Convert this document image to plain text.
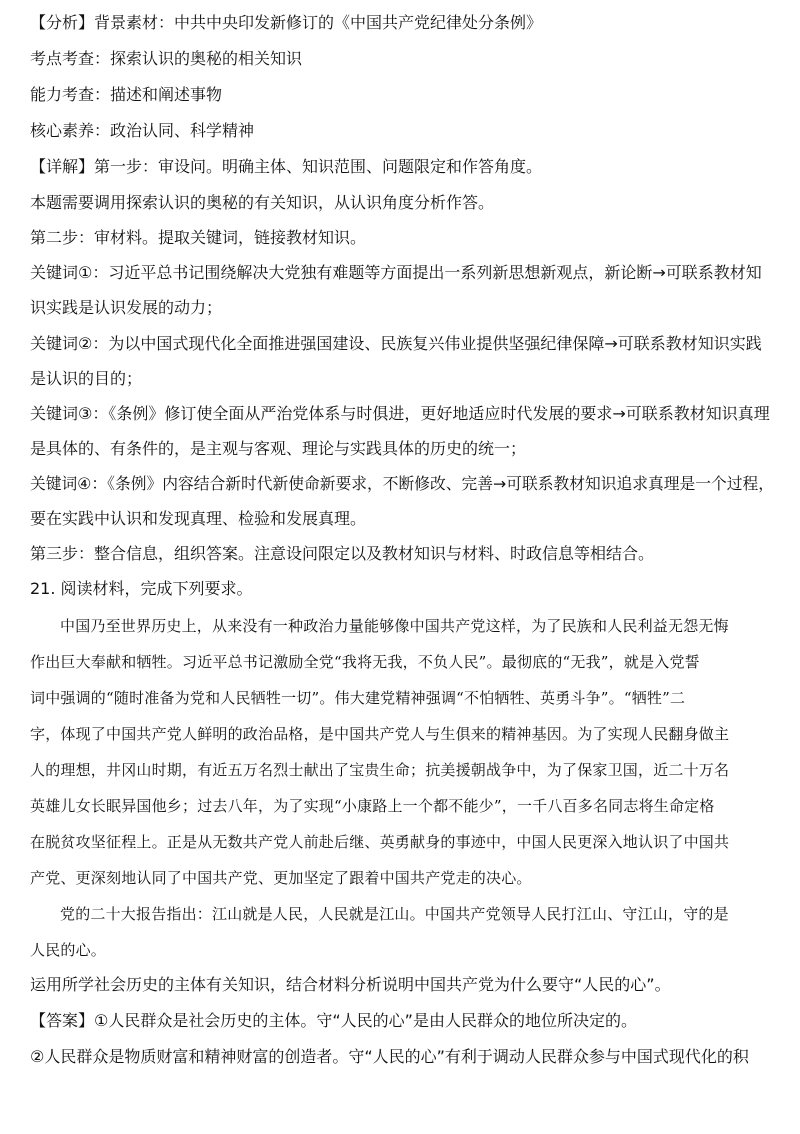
【分析】背景素材：中共中央印发新修订的《中国共产党纪律处分条例》
考点考查：探索认识的奥秘的相关知识
能力考查：描述和阐述事物
核心素养：政治认同、科学精神
【详解】第一步：审设问。明确主体、知识范围、问题限定和作答角度。
本题需要调用探索认识的奥秘的有关知识，从认识角度分析作答。
第二步：审材料。提取关键词，链接教材知识。
关键词①：习近平总书记围绕解决大党独有难题等方面提出一系列新思想新观点，新论断→可联系教材知
识实践是认识发展的动力；
关键词②：为以中国式现代化全面推进强国建设、民族复兴伟业提供坚强纪律保障→可联系教材知识实践
是认识的目的；
关键词③：《条例》修订使全面从严治党体系与时俱进，更好地适应时代发展的要求→可联系教材知识真理
是具体的、有条件的，是主观与客观、理论与实践具体的历史的统一；
关键词④：《条例》内容结合新时代新使命新要求，不断修改、完善→可联系教材知识追求真理是一个过程，
要在实践中认识和发现真理、检验和发展真理。
第三步：整合信息，组织答案。注意设问限定以及教材知识与材料、时政信息等相结合。
21. 阅读材料，完成下列要求。
中国乃至世界历史上，从来没有一种政治力量能够像中国共产党这样，为了民族和人民利益无怨无悔
作出巨大奉献和牺牲。习近平总书记激励全党“我将无我，不负人民”。最彻底的“无我”，就是入党誓
词中强调的“随时准备为党和人民牺牲一切”。伟大建党精神强调“不怕牺牲、英勇斗争”。“牺牲”二
字，体现了中国共产党人鲜明的政治品格，是中国共产党人与生俱来的精神基因。为了实现人民翻身做主
人的理想，井冈山时期，有近五万名烈士献出了宝贵生命；抗美援朝战争中，为了保家卫国，近二十万名
英雄儿女长眠异国他乡；过去八年，为了实现“小康路上一个都不能少”，一千八百多名同志将生命定格
在脱贫攻坚征程上。正是从无数共产党人前赴后继、英勇献身的事迹中，中国人民更深入地认识了中国共
产党、更深刻地认同了中国共产党、更加坚定了跟着中国共产党走的决心。
党的二十大报告指出：江山就是人民，人民就是江山。中国共产党领导人民打江山、守江山，守的是
人民的心。
运用所学社会历史的主体有关知识，结合材料分析说明中国共产党为什么要守“人民的心”。
【答案】①人民群众是社会历史的主体。守“人民的心”是由人民群众的地位所决定的。
②人民群众是物质财富和精神财富的创造者。守“人民的心”有利于调动人民群众参与中国式现代化的积
